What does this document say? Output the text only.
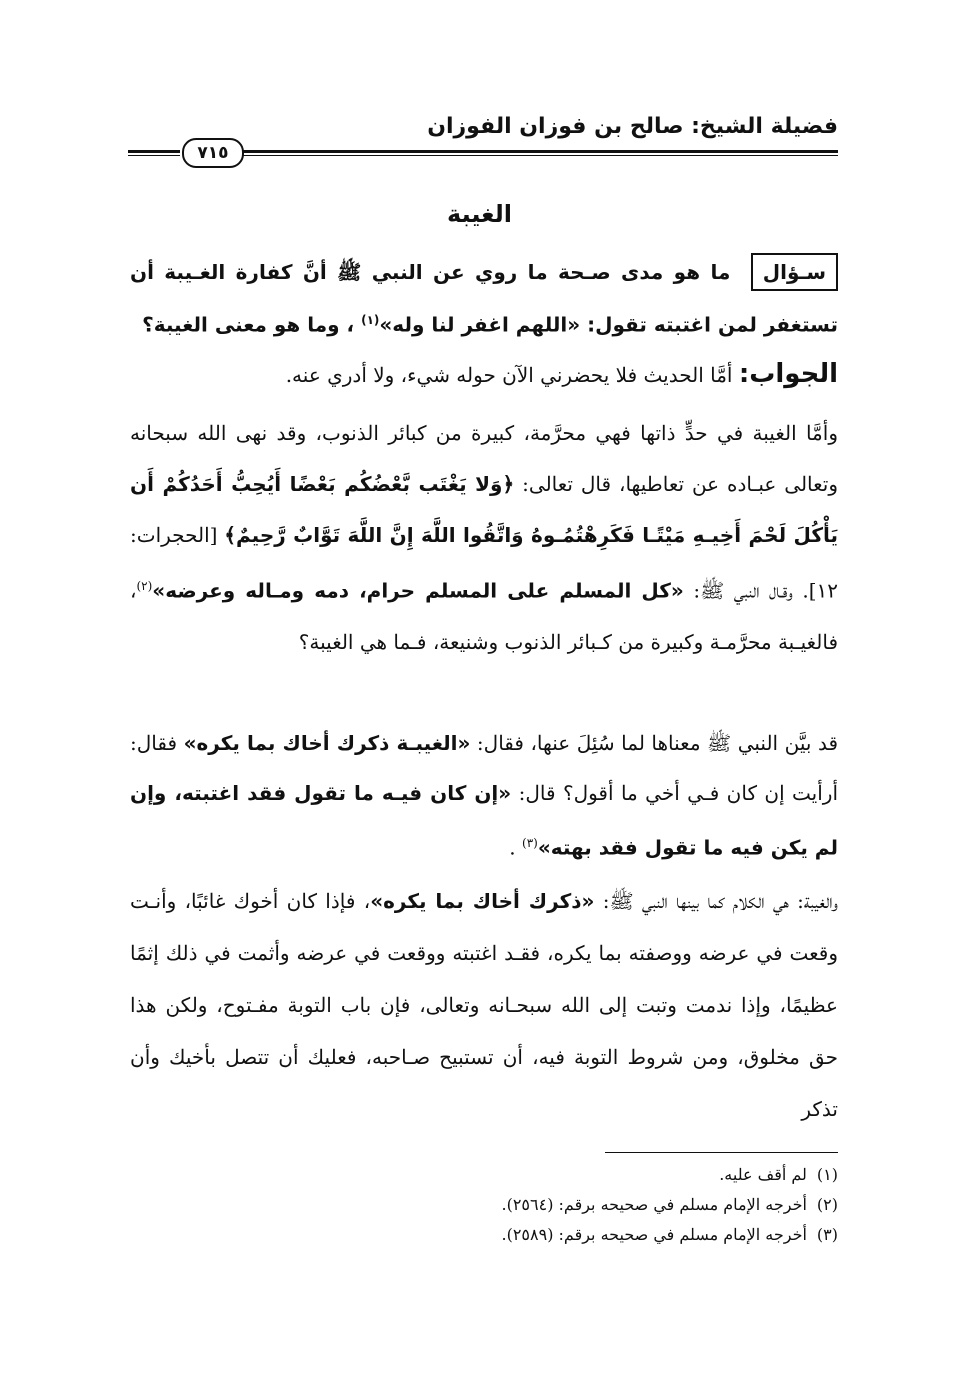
فضيلة الشيخ: صالح بن فوزان الفوزان
٧١٥
الغيبة
سـؤال ما هو مدى صـحة ما روي عن النبي ﷺ أنَّ كفارة الغـيبة أن تستغفر لمن اغتبته تقول: «اللهم اغفر لنا وله»$^{(١)}$ ، وما هو معنى الغيبة؟
الجواب: أمَّا الحديث فلا يحضرني الآن حوله شيء، ولا أدري عنه.
وأمَّا الغيبة في حدٍّ ذاتها فهي محرَّمة، كبيرة من كبائر الذنوب، وقد نهى الله سبحانه وتعالى عبـاده عن تعاطيها، قال تعالى: ﴿وَلا يَغْتَب بَّعْضُكُم بَعْضًا أَيُحِبُّ أَحَدُكُمْ أَن يَأْكُلَ لَحْمَ أَخِيـهِ مَيْتًـا فَكَرِهْتُمُـوهُ وَاتَّقُوا اللَّهَ إِنَّ اللَّهَ تَوَّابٌ رَّحِيمٌ﴾ [الحجرات: ١٢]. وقـال النبي ﷺ: «كل المسلم على المسلم حرام، دمه ومـاله وعرضه»$^{(٢)}$، فالغيـبة محرَّمـة وكبيرة من كـبائر الذنوب وشنيعة، فـما هي الغيبة؟
قد بيَّن النبي ﷺ معناها لما سُئِلَ عنها، فقال: «الغيبـة ذكرك أخاك بما يكره» فقال: أرأيت إن كان فـي أخي ما أقول؟ قال: «إن كان فيـه ما تقول فقد اغتبته، وإن لم يكن فيه ما تقول فقد بهته»$^{(٣)}$ .
والغيبة: هي الكلام كما بينها النبي ﷺ: «ذكرك أخاك بما يكره»، فإذا كان أخوك غائبًا، وأنـت وقعت في عرضه ووصفته بما يكره، فقـد اغتبته ووقعت في عرضه وأثمت في ذلك إثمًا عظيمًا، وإذا ندمت وتبت إلى الله سبحـانه وتعالى، فإن باب التوبة مفـتوح، ولكن هذا حق مخلوق، ومن شروط التوبة فيه، أن تستبيح صـاحبه، فعليك أن تتصل بأخيك وأن تذكر
(١)لم أقف عليه.
(٢)أخرجه الإمام مسلم في صحيحه برقم: (٢٥٦٤).
(٣)أخرجه الإمام مسلم في صحيحه برقم: (٢٥٨٩).
